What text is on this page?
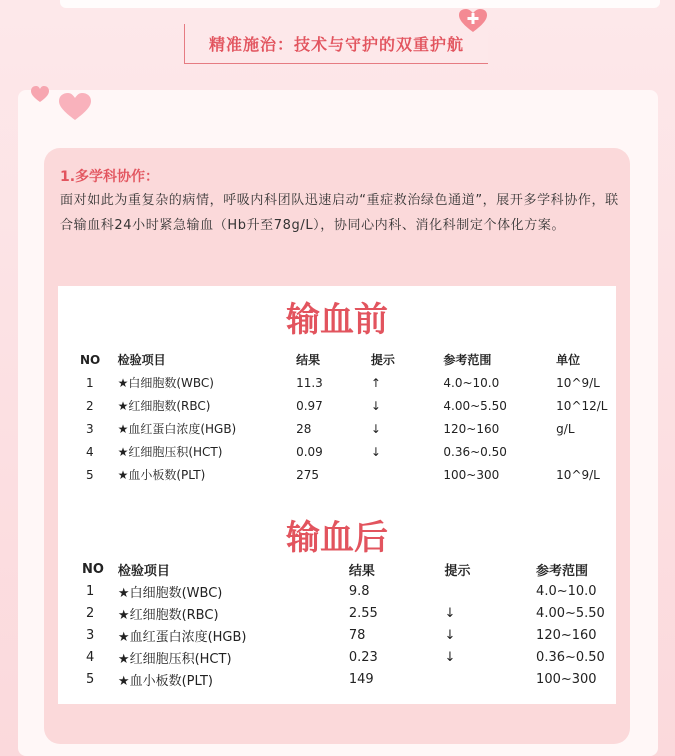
精准施治：技术与守护的双重护航
1.多学科协作：
面对如此为重复杂的病情，呼吸内科团队迅速启动“重症救治绿色通道”，展开多学科协作，联合输血科24小时紧急输血（Hb升至78g/L），协同心内科、消化科制定个体化方案。
输血前
NO	检验项目	结果	提示	参考范围	单位
1	★白细胞数(WBC)	11.3	↑	4.0~10.0	10^9/L
2	★红细胞数(RBC)	0.97	↓	4.00~5.50	10^12/L
3	★血红蛋白浓度(HGB)	28	↓	120~160	g/L
4	★红细胞压积(HCT)	0.09	↓	0.36~0.50	
5	★血小板数(PLT)	275		100~300	10^9/L
输血后
NO	检验项目	结果	提示	参考范围
1	★白细胞数(WBC)	9.8		4.0~10.0
2	★红细胞数(RBC)	2.55	↓	4.00~5.50
3	★血红蛋白浓度(HGB)	78	↓	120~160
4	★红细胞压积(HCT)	0.23	↓	0.36~0.50
5	★血小板数(PLT)	149		100~300
